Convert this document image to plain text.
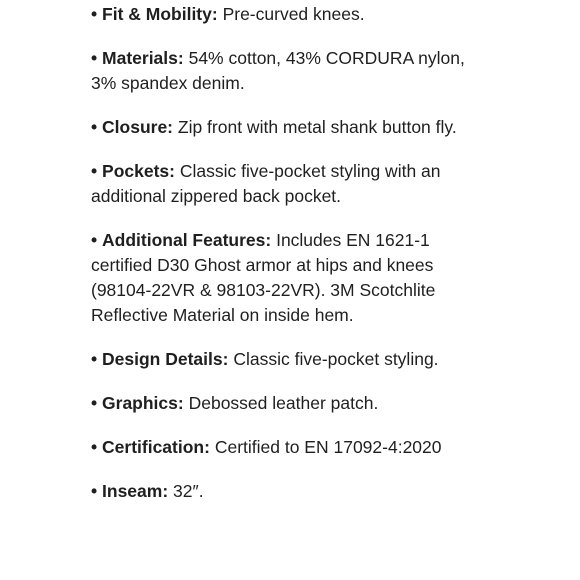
• Fit & Mobility: Pre-curved knees.

• Materials: 54% cotton, 43% CORDURA nylon, 3% spandex denim.

• Closure: Zip front with metal shank button fly.

• Pockets: Classic five-pocket styling with an additional zippered back pocket.

• Additional Features: Includes EN 1621-1 certified D30 Ghost armor at hips and knees (98104-22VR & 98103-22VR). 3M Scotchlite Reflective Material on inside hem.

• Design Details: Classic five-pocket styling.

• Graphics: Debossed leather patch.

• Certification: Certified to EN 17092-4:2020

• Inseam: 32″.
